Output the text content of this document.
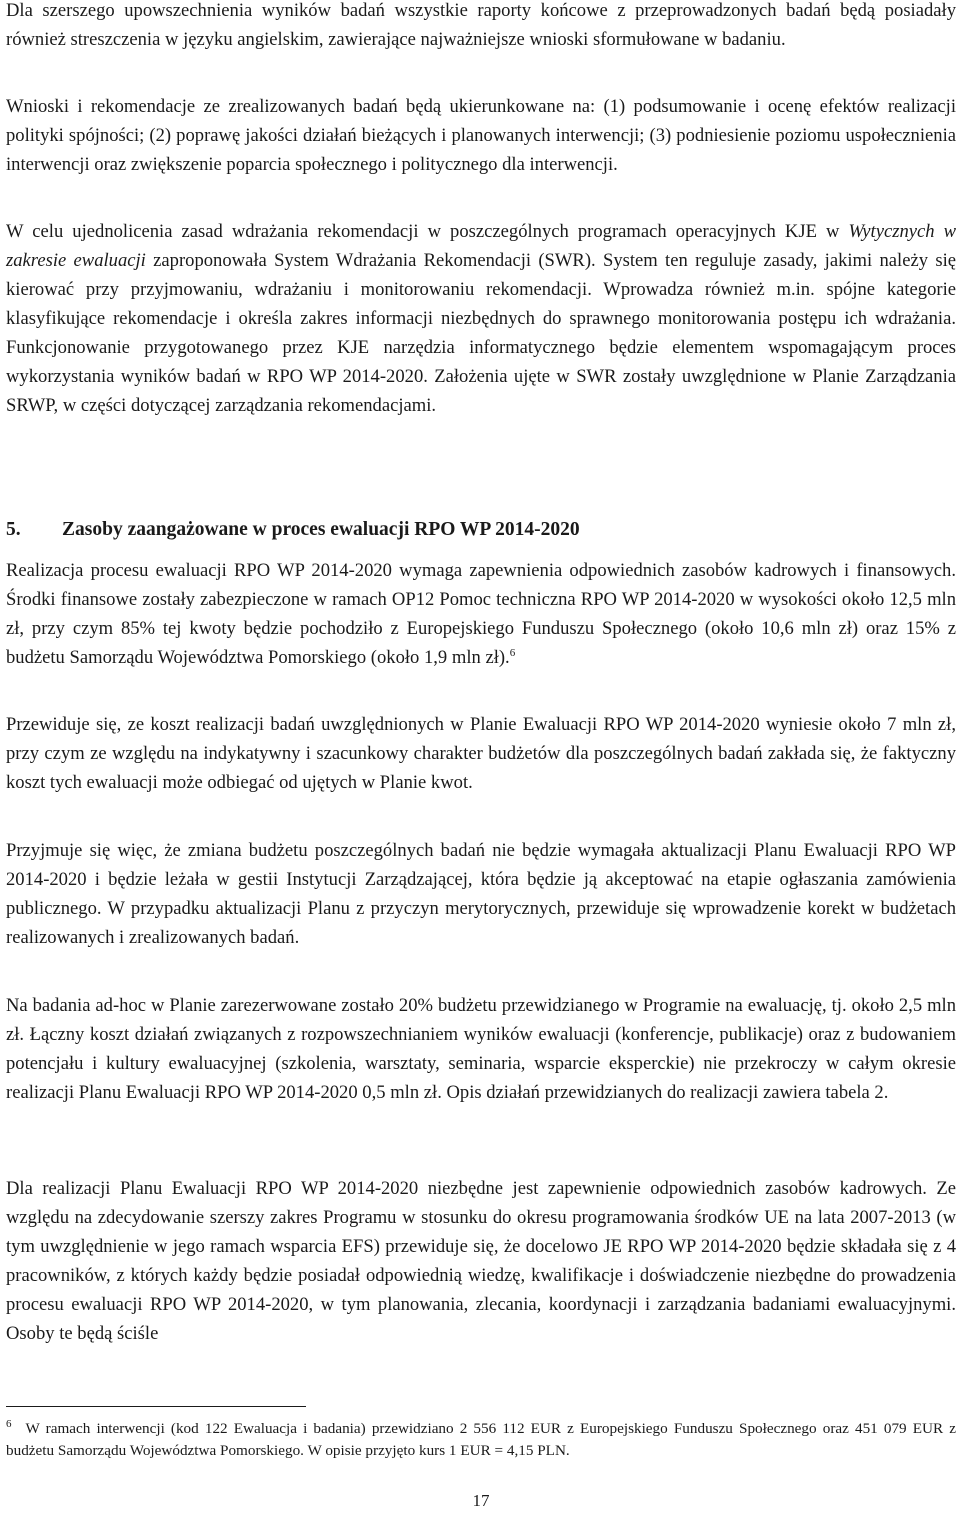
Dla szerszego upowszechnienia wyników badań wszystkie raporty końcowe z przeprowadzonych badań będą posiadały również streszczenia w języku angielskim, zawierające najważniejsze wnioski sformułowane w badaniu.

Wnioski i rekomendacje ze zrealizowanych badań będą ukierunkowane na: (1) podsumowanie i ocenę efektów realizacji polityki spójności; (2) poprawę jakości działań bieżących i planowanych interwencji; (3) podniesienie poziomu uspołecznienia interwencji oraz zwiększenie poparcia społecznego i politycznego dla interwencji.

W celu ujednolicenia zasad wdrażania rekomendacji w poszczególnych programach operacyjnych KJE w Wytycznych w zakresie ewaluacji zaproponowała System Wdrażania Rekomendacji (SWR). System ten reguluje zasady, jakimi należy się kierować przy przyjmowaniu, wdrażaniu i monitorowaniu rekomendacji. Wprowadza również m.in. spójne kategorie klasyfikujące rekomendacje i określa zakres informacji niezbędnych do sprawnego monitorowania postępu ich wdrażania. Funkcjonowanie przygotowanego przez KJE narzędzia informatycznego będzie elementem wspomagającym proces wykorzystania wyników badań w RPO WP 2014-2020. Założenia ujęte w SWR zostały uwzględnione w Planie Zarządzania SRWP, w części dotyczącej zarządzania rekomendacjami.

5. Zasoby zaangażowane w proces ewaluacji RPO WP 2014-2020

Realizacja procesu ewaluacji RPO WP 2014-2020 wymaga zapewnienia odpowiednich zasobów kadrowych i finansowych. Środki finansowe zostały zabezpieczone w ramach OP12 Pomoc techniczna RPO WP 2014-2020 w wysokości około 12,5 mln zł, przy czym 85% tej kwoty będzie pochodziło z Europejskiego Funduszu Społecznego (około 10,6 mln zł) oraz 15% z budżetu Samorządu Województwa Pomorskiego (około 1,9 mln zł).$^6$

Przewiduje się, ze koszt realizacji badań uwzględnionych w Planie Ewaluacji RPO WP 2014-2020 wyniesie około 7 mln zł, przy czym ze względu na indykatywny i szacunkowy charakter budżetów dla poszczególnych badań zakłada się, że faktyczny koszt tych ewaluacji może odbiegać od ujętych w Planie kwot.

Przyjmuje się więc, że zmiana budżetu poszczególnych badań nie będzie wymagała aktualizacji Planu Ewaluacji RPO WP 2014-2020 i będzie leżała w gestii Instytucji Zarządzającej, która będzie ją akceptować na etapie ogłaszania zamówienia publicznego. W przypadku aktualizacji Planu z przyczyn merytorycznych, przewiduje się wprowadzenie korekt w budżetach realizowanych i zrealizowanych badań.

Na badania ad-hoc w Planie zarezerwowane zostało 20% budżetu przewidzianego w Programie na ewaluację, tj. około 2,5 mln zł. Łączny koszt działań związanych z rozpowszechnianiem wyników ewaluacji (konferencje, publikacje) oraz z budowaniem potencjału i kultury ewaluacyjnej (szkolenia, warsztaty, seminaria, wsparcie eksperckie) nie przekroczy w całym okresie realizacji Planu Ewaluacji RPO WP 2014-2020 0,5 mln zł. Opis działań przewidzianych do realizacji zawiera tabela 2.

Dla realizacji Planu Ewaluacji RPO WP 2014-2020 niezbędne jest zapewnienie odpowiednich zasobów kadrowych. Ze względu na zdecydowanie szerszy zakres Programu w stosunku do okresu programowania środków UE na lata 2007-2013 (w tym uwzględnienie w jego ramach wsparcia EFS) przewiduje się, że docelowo JE RPO WP 2014-2020 będzie składała się z 4 pracowników, z których każdy będzie posiadał odpowiednią wiedzę, kwalifikacje i doświadczenie niezbędne do prowadzenia procesu ewaluacji RPO WP 2014-2020, w tym planowania, zlecania, koordynacji i zarządzania badaniami ewaluacyjnymi. Osoby te będą ściśle

$^6$ W ramach interwencji (kod 122 Ewaluacja i badania) przewidziano 2 556 112 EUR z Europejskiego Funduszu Społecznego oraz 451 079 EUR z budżetu Samorządu Województwa Pomorskiego. W opisie przyjęto kurs 1 EUR = 4,15 PLN.
17
